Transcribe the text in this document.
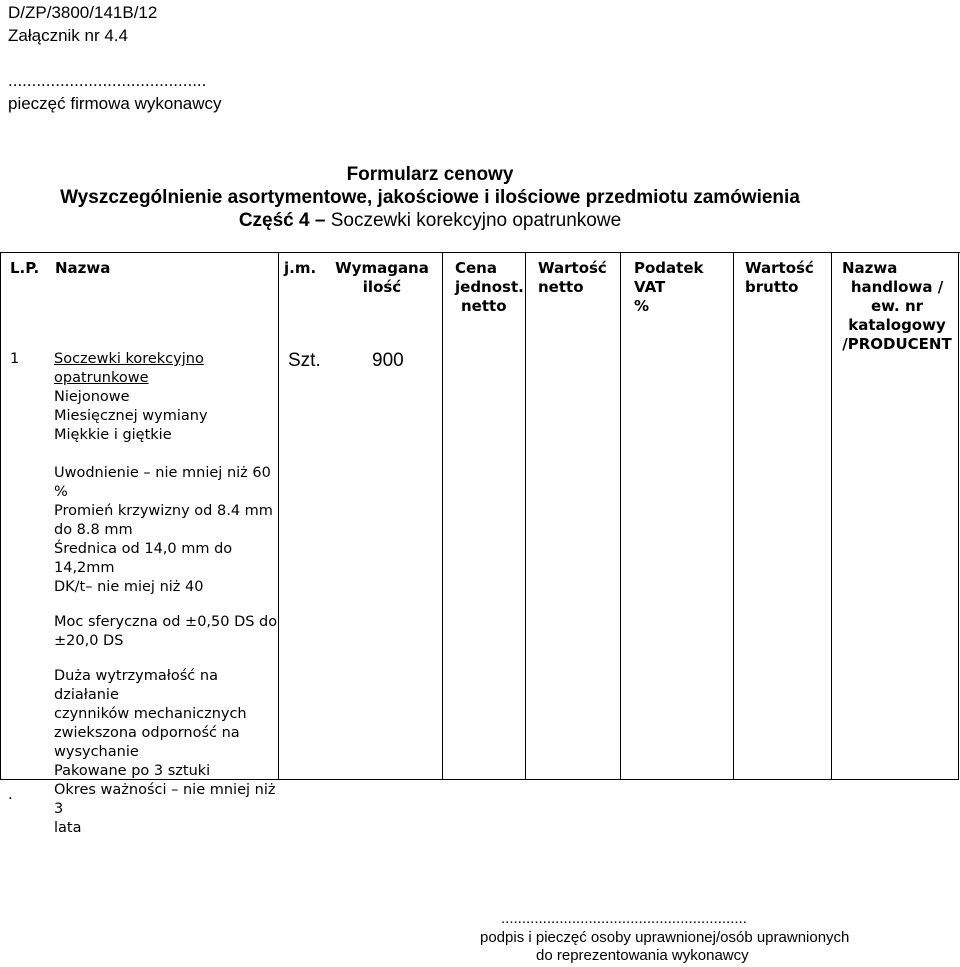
D/ZP/3800/141B/12
Załącznik nr 4.4
..........................................
pieczęć firmowa wykonawcy
Formularz cenowy
Wyszczególnienie asortymentowe, jakościowe i ilościowe przedmiotu zamówienia
Część 4 – Soczewki korekcyjno opatrunkowe
L.P. Nazwa	j.m. Wymagana
ilość
Cena
jednost.
netto
Wartość
netto
Podatek
VAT
%
Wartość
brutto
Nazwa
handlowa /
ew. nr
katalogowy
/PRODUCENT
1 Soczewki korekcyjno
opatrunkowe
Niejonowe
Miesięcznej wymiany
Miękkie i giętkie
Uwodnienie – nie mniej niż 60 %
Promień krzywizny od 8.4 mm
do 8.8 mm
Średnica od 14,0 mm do
14,2mm
DK/t– nie miej niż 40
Moc sferyczna od ±0,50 DS do
±20,0 DS
Duża wytrzymałość na działanie
czynników mechanicznych
zwiekszona odporność na
wysychanie
Pakowane po 3 sztuki
Okres ważności – nie mniej niż 3
lata
Szt.	900
.
...........................................................
podpis i pieczęć osoby uprawnionej/osób uprawnionych
do reprezentowania wykonawcy
